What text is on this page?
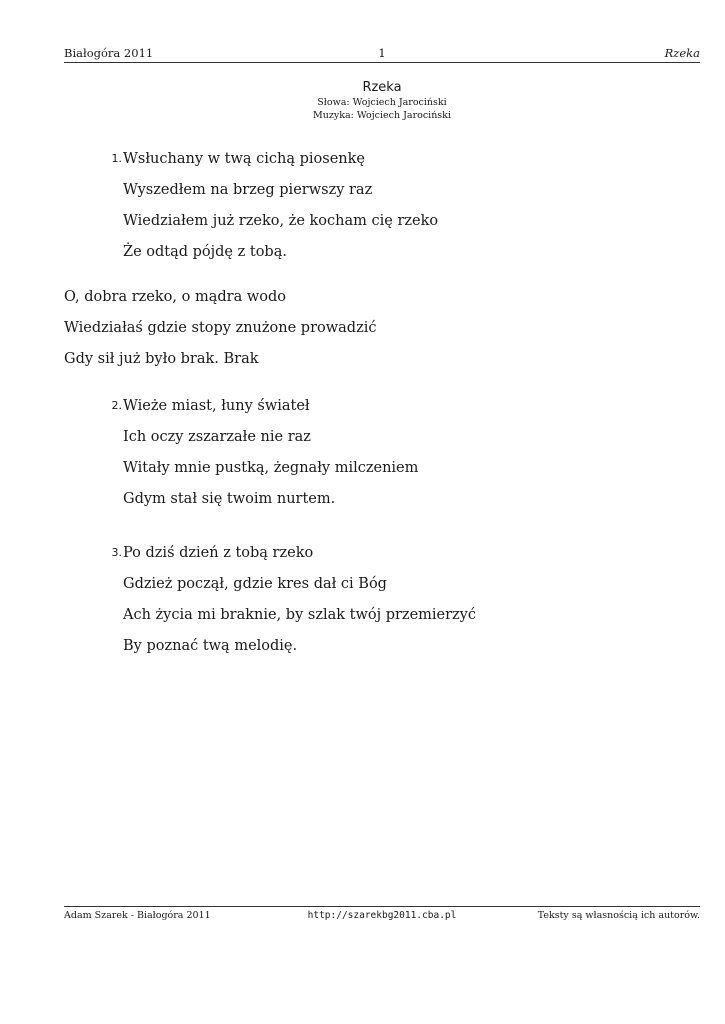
Białogóra 2011	1	Rzeka
Rzeka
Słowa: Wojciech Jarociński
Muzyka: Wojciech Jarociński
1. Wsłuchany w twą cichą piosenkę
Wyszedłem na brzeg pierwszy raz
Wiedziałem już rzeko, że kocham cię rzeko
Że odtąd pójdę z tobą.
O, dobra rzeko, o mądra wodo
Wiedziałaś gdzie stopy znużone prowadzić
Gdy sił już było brak. Brak
2. Wieże miast, łuny świateł
Ich oczy zszarzałe nie raz
Witały mnie pustką, żegnały milczeniem
Gdym stał się twoim nurtem.
3. Po dziś dzień z tobą rzeko
Gdzież począł, gdzie kres dał ci Bóg
Ach życia mi braknie, by szlak twój przemierzyć
By poznać twą melodię.
Adam Szarek - Białogóra 2011	http://szarekbg2011.cba.pl	Teksty są własnością ich autorów.
